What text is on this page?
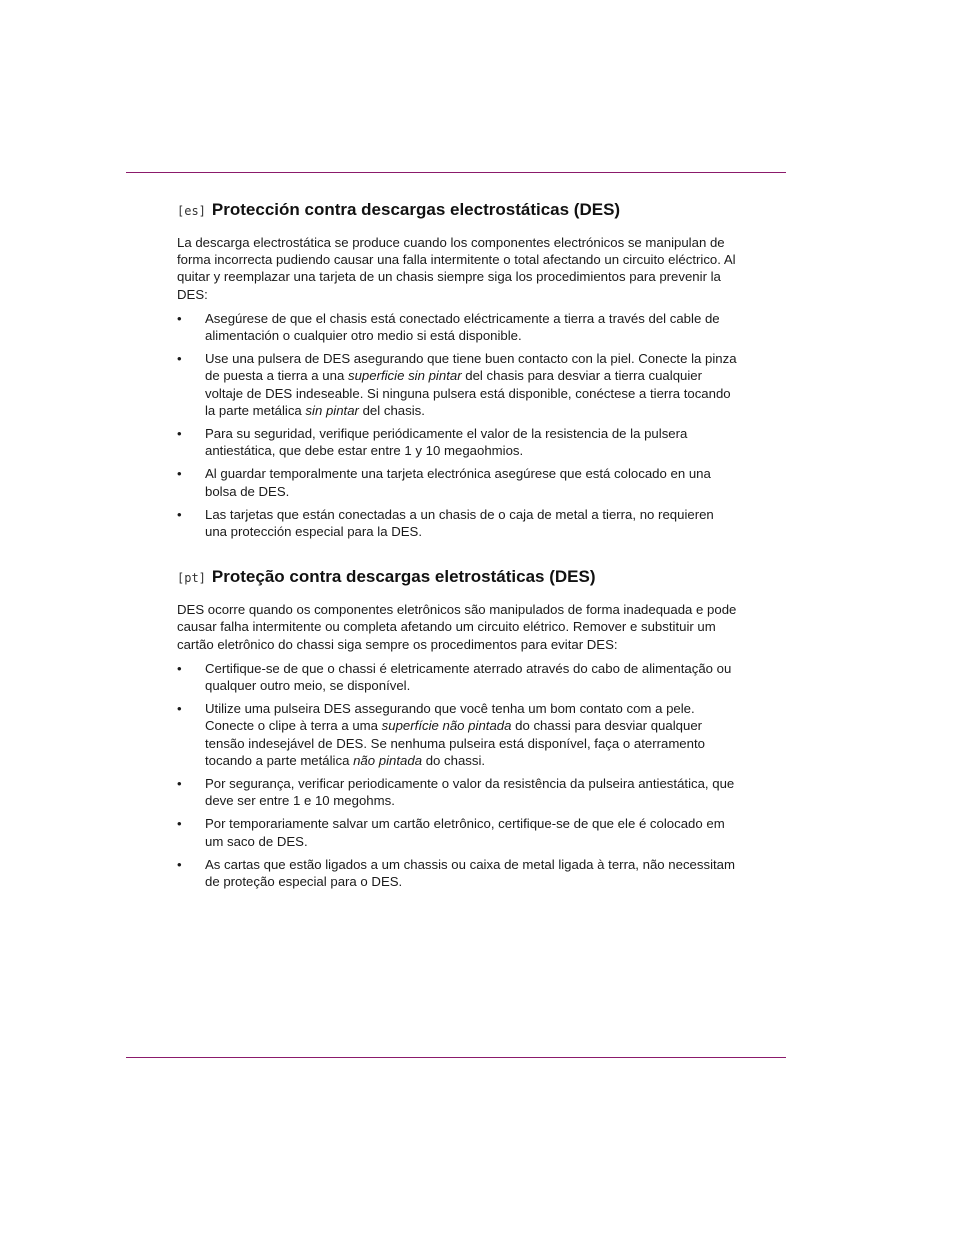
[es] Protección contra descargas electrostáticas (DES)

La descarga electrostática se produce cuando los componentes electrónicos se manipulan de forma incorrecta pudiendo causar una falla intermitente o total afectando un circuito eléctrico. Al quitar y reemplazar una tarjeta de un chasis siempre siga los procedimientos para prevenir la DES:

• Asegúrese de que el chasis está conectado eléctricamente a tierra a través del cable de alimentación o cualquier otro medio si está disponible.
• Use una pulsera de DES asegurando que tiene buen contacto con la piel. Conecte la pinza de puesta a tierra a una superficie sin pintar del chasis para desviar a tierra cualquier voltaje de DES indeseable. Si ninguna pulsera está disponible, conéctese a tierra tocando la parte metálica sin pintar del chasis.
• Para su seguridad, verifique periódicamente el valor de la resistencia de la pulsera antiestática, que debe estar entre 1 y 10 megaohmios.
• Al guardar temporalmente una tarjeta electrónica asegúrese que está colocado en una bolsa de DES.
• Las tarjetas que están conectadas a un chasis de o caja de metal a tierra, no requieren una protección especial para la DES.
[pt] Proteção contra descargas eletrostáticas (DES)

DES ocorre quando os componentes eletrônicos são manipulados de forma inadequada e pode causar falha intermitente ou completa afetando um circuito elétrico. Remover e substituir um cartão eletrônico do chassi siga sempre os procedimentos para evitar DES:

• Certifique-se de que o chassi é eletricamente aterrado através do cabo de alimentação ou qualquer outro meio, se disponível.
• Utilize uma pulseira DES assegurando que você tenha um bom contato com a pele. Conecte o clipe à terra a uma superfície não pintada do chassi para desviar qualquer tensão indesejável de DES. Se nenhuma pulseira está disponível, faça o aterramento tocando a parte metálica não pintada do chassi.
• Por segurança, verificar periodicamente o valor da resistência da pulseira antiestática, que deve ser entre 1 e 10 megohms.
• Por temporariamente salvar um cartão eletrônico, certifique-se de que ele é colocado em um saco de DES.
• As cartas que estão ligados a um chassis ou caixa de metal ligada à terra, não necessitam de proteção especial para o DES.
